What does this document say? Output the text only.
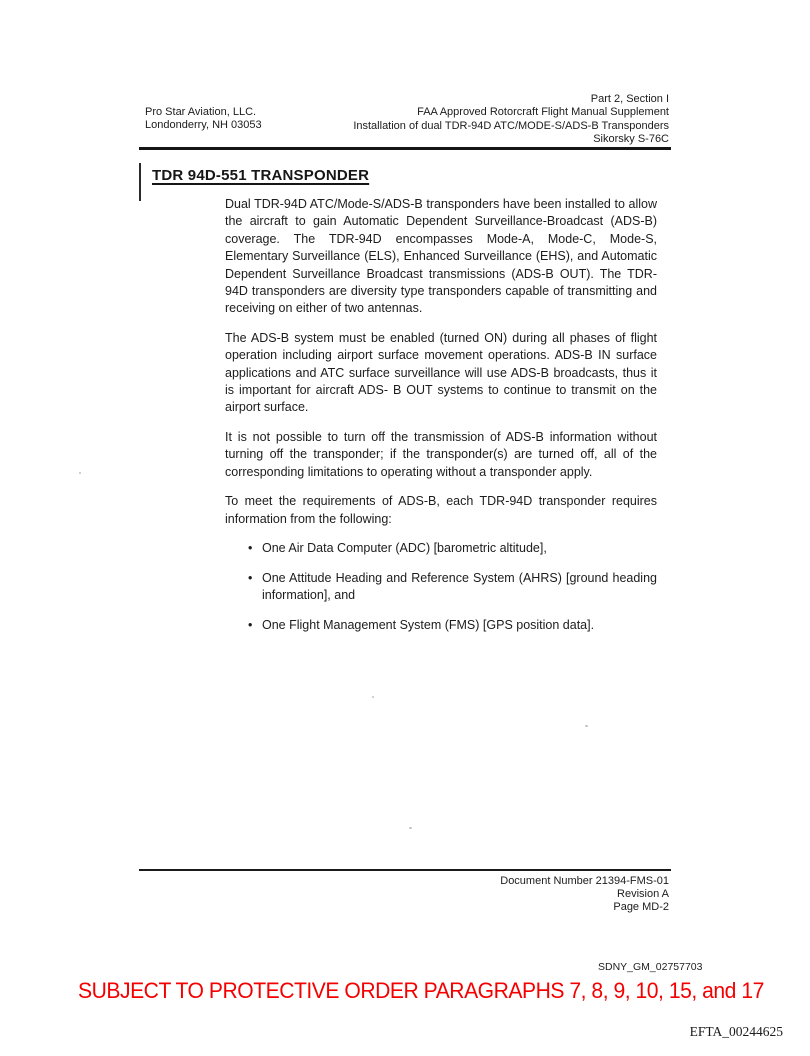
Pro Star Aviation, LLC.
Londonderry, NH 03053
Part 2, Section I
FAA Approved Rotorcraft Flight Manual Supplement
Installation of dual TDR-94D ATC/MODE-S/ADS-B Transponders
Sikorsky S-76C
TDR 94D-551 TRANSPONDER

Dual TDR-94D ATC/Mode-S/ADS-B transponders have been installed to allow the aircraft to gain Automatic Dependent Surveillance-Broadcast (ADS-B) coverage. The TDR-94D encompasses Mode-A, Mode-C, Mode-S, Elementary Surveillance (ELS), Enhanced Surveillance (EHS), and Automatic Dependent Surveillance Broadcast transmissions (ADS-B OUT). The TDR-94D transponders are diversity type transponders capable of transmitting and receiving on either of two antennas.

The ADS-B system must be enabled (turned ON) during all phases of flight operation including airport surface movement operations. ADS-B IN surface applications and ATC surface surveillance will use ADS-B broadcasts, thus it is important for aircraft ADS- B OUT systems to continue to transmit on the airport surface.

It is not possible to turn off the transmission of ADS-B information without turning off the transponder; if the transponder(s) are turned off, all of the corresponding limitations to operating without a transponder apply.

To meet the requirements of ADS-B, each TDR-94D transponder requires information from the following:

• One Air Data Computer (ADC) [barometric altitude],
• One Attitude Heading and Reference System (AHRS) [ground heading information], and
• One Flight Management System (FMS) [GPS position data].
Document Number 21394-FMS-01
Revision A
Page MD-2
SDNY_GM_02757703
SUBJECT TO PROTECTIVE ORDER PARAGRAPHS 7, 8, 9, 10, 15, and 17
EFTA_00244625
